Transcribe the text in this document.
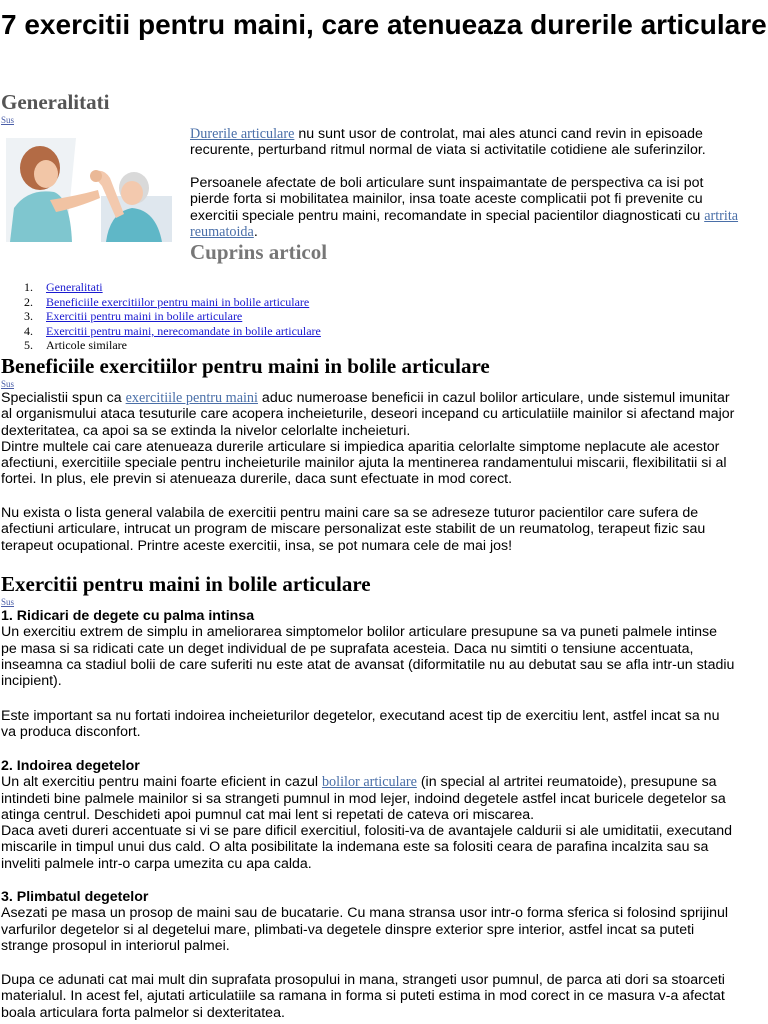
7 exercitii pentru maini, care atenueaza durerile articulare
Generalitati
Sus

Durerile articulare nu sunt usor de controlat, mai ales atunci cand revin in episoade
recurente, perturband ritmul normal de viata si activitatile cotidiene ale suferinzilor.

Persoanele afectate de boli articulare sunt inspaimantate de perspectiva ca isi pot
pierde forta si mobilitatea mainilor, insa toate aceste complicatii pot fi prevenite cu
exercitii speciale pentru maini, recomandate in special pacientilor diagnosticati cu artrita
reumatoida.

Cuprins articol
1. Generalitati
2. Beneficiile exercitiilor pentru maini in bolile articulare
3. Exercitii pentru maini in bolile articulare
4. Exercitii pentru maini, nerecomandate in bolile articulare
5. Articole similare
Beneficiile exercitiilor pentru maini in bolile articulare
Sus

Specialistii spun ca exercitiile pentru maini aduc numeroase beneficii in cazul bolilor articulare, unde sistemul imunitar
al organismului ataca tesuturile care acopera incheieturile, deseori incepand cu articulatiile mainilor si afectand major
dexteritatea, ca apoi sa se extinda la nivelor celorlalte incheieturi.
Dintre multele cai care atenueaza durerile articulare si impiedica aparitia celorlalte simptome neplacute ale acestor
afectiuni, exercitiile speciale pentru incheieturile mainilor ajuta la mentinerea randamentului miscarii, flexibilitatii si al
fortei. In plus, ele previn si atenueaza durerile, daca sunt efectuate in mod corect.

Nu exista o lista general valabila de exercitii pentru maini care sa se adreseze tuturor pacientilor care sufera de
afectiuni articulare, intrucat un program de miscare personalizat este stabilit de un reumatolog, terapeut fizic sau
terapeut ocupational. Printre aceste exercitii, insa, se pot numara cele de mai jos!

Exercitii pentru maini in bolile articulare
Sus

1. Ridicari de degete cu palma intinsa
Un exercitiu extrem de simplu in ameliorarea simptomelor bolilor articulare presupune sa va puneti palmele intinse
pe masa si sa ridicati cate un deget individual de pe suprafata acesteia. Daca nu simtiti o tensiune accentuata,
inseamna ca stadiul bolii de care suferiti nu este atat de avansat (diformitatile nu au debutat sau se afla intr-un stadiu
incipient).

Este important sa nu fortati indoirea incheieturilor degetelor, executand acest tip de exercitiu lent, astfel incat sa nu
va produca disconfort.

2. Indoirea degetelor
Un alt exercitiu pentru maini foarte eficient in cazul bolilor articulare (in special al artritei reumatoide), presupune sa
intindeti bine palmele mainilor si sa strangeti pumnul in mod lejer, indoind degetele astfel incat buricele degetelor sa
atinga centrul. Deschideti apoi pumnul cat mai lent si repetati de cateva ori miscarea.
Daca aveti dureri accentuate si vi se pare dificil exercitiul, folositi-va de avantajele caldurii si ale umiditatii, executand
miscarile in timpul unui dus cald. O alta posibilitate la indemana este sa folositi ceara de parafina incalzita sau sa
inveliti palmele intr-o carpa umezita cu apa calda.

3. Plimbatul degetelor
Asezati pe masa un prosop de maini sau de bucatarie. Cu mana stransa usor intr-o forma sferica si folosind sprijinul
varfurilor degetelor si al degetelui mare, plimbati-va degetele dinspre exterior spre interior, astfel incat sa puteti
strange prosopul in interiorul palmei.

Dupa ce adunati cat mai mult din suprafata prosopului in mana, strangeti usor pumnul, de parca ati dori sa stoarceti
materialul. In acest fel, ajutati articulatiile sa ramana in forma si puteti estima in mod corect in ce masura v-a afectat
boala articulara forta palmelor si dexteritatea.
